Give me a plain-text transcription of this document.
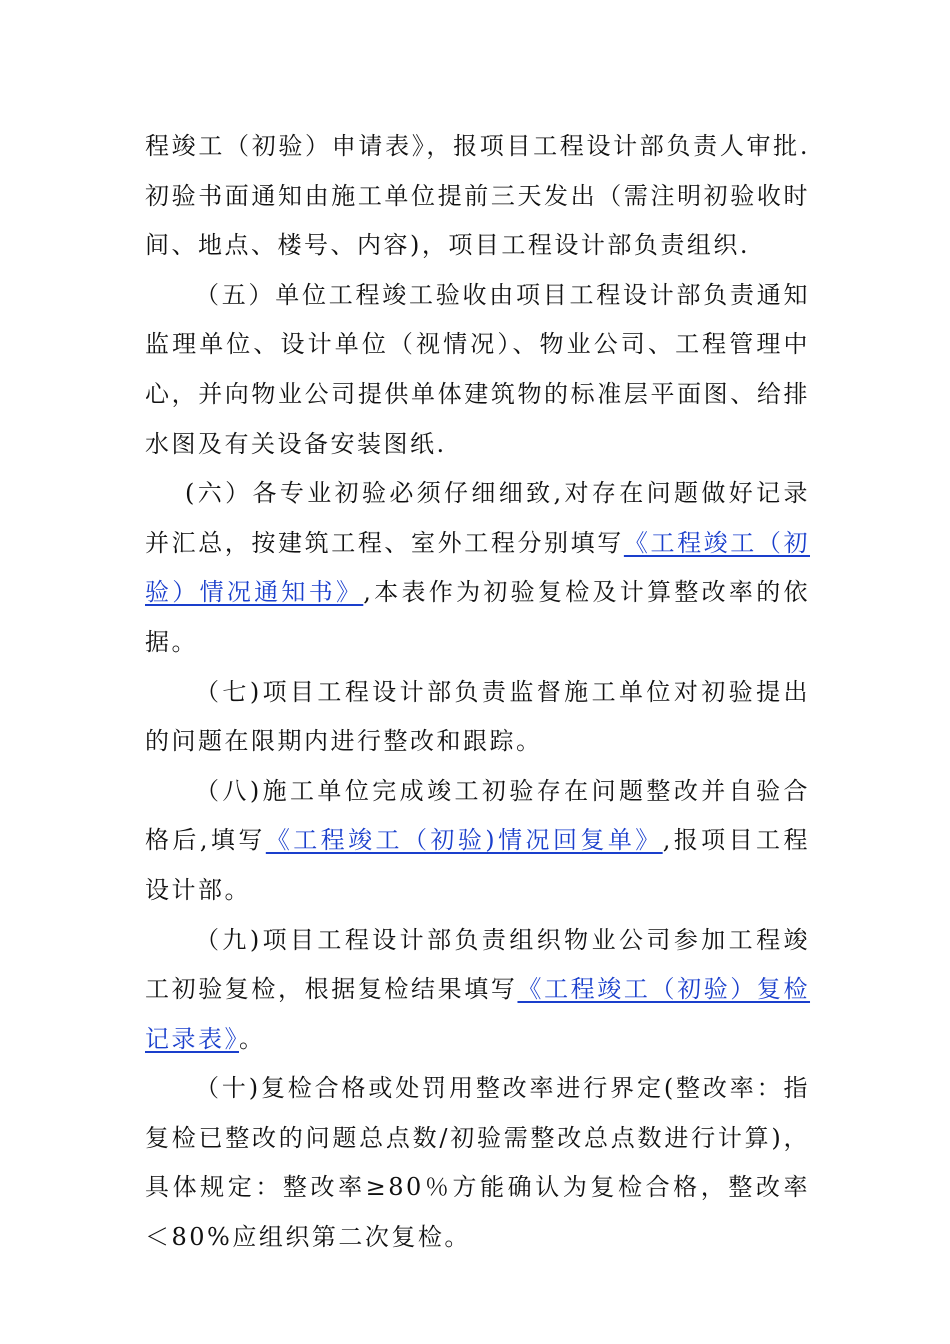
程竣工（初验）申请表》，报项目工程设计部负责人审批.初验书面通知由施工单位提前三天发出（需注明初验收时间、地点、楼号、内容)，项目工程设计部负责组织.

（五）单位工程竣工验收由项目工程设计部负责通知监理单位、设计单位（视情况）、物业公司、工程管理中心，并向物业公司提供单体建筑物的标准层平面图、给排水图及有关设备安装图纸.

(六）各专业初验必须仔细细致,对存在问题做好记录并汇总，按建筑工程、室外工程分别填写《工程竣工（初验）情况通知书》,本表作为初验复检及计算整改率的依据。

（七)项目工程设计部负责监督施工单位对初验提出的问题在限期内进行整改和跟踪。

（八)施工单位完成竣工初验存在问题整改并自验合格后,填写《工程竣工（初验)情况回复单》,报项目工程设计部。

（九)项目工程设计部负责组织物业公司参加工程竣工初验复检，根据复检结果填写《工程竣工（初验）复检记录表》。

（十)复检合格或处罚用整改率进行界定(整改率：指复检已整改的问题总点数/初验需整改总点数进行计算)，具体规定：整改率≥80％方能确认为复检合格，整改率＜80%应组织第二次复检。
